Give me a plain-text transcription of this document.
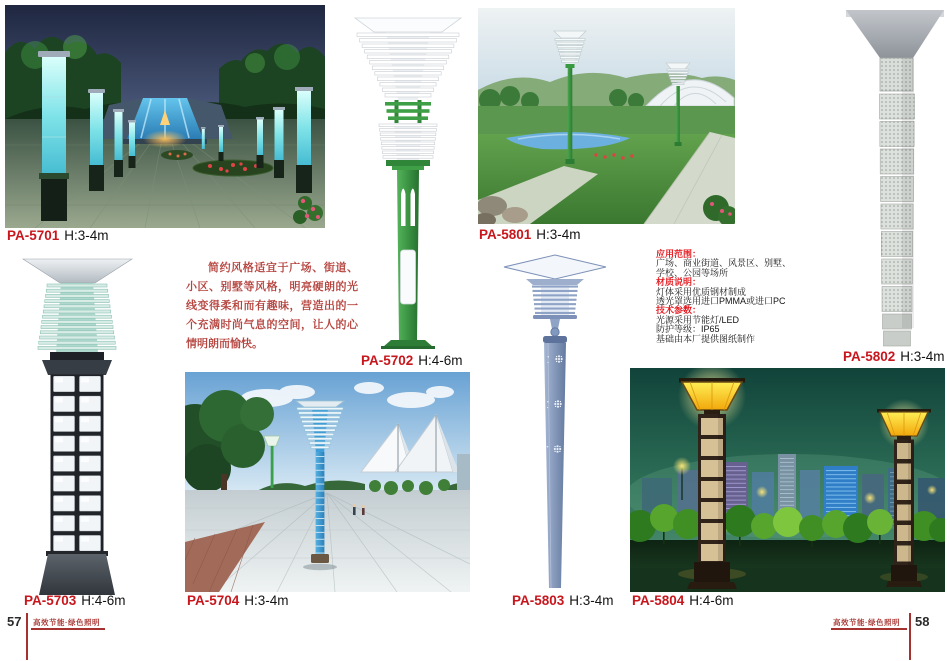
简约风格适宜于广场、街道、小区、别墅等风格，明亮硬朗的光线变得柔和而有趣味，营造出的一个充满时尚气息的空间，让人的心情明朗而愉快。

应用范围：
广场、商业街道、风景区、别墅、
学校、公园等场所
材质说明：
灯体采用优质钢材制成
透光罩选用进口PMMA或进口PC
技术参数：
光源采用节能灯/LED
防护等级：IP65
基础由本厂提供图纸制作
PA-5701 H:3-4m
PA-5702 H:4-6m
PA-5801 H:3-4m
PA-5802 H:3-4m
PA-5703 H:4-6m	PA-5704 H:3-4m	PA-5803 H:3-4m PA-5804 H:4-6m
57 高效节能·绿色照明	高效节能·绿色照明 58
